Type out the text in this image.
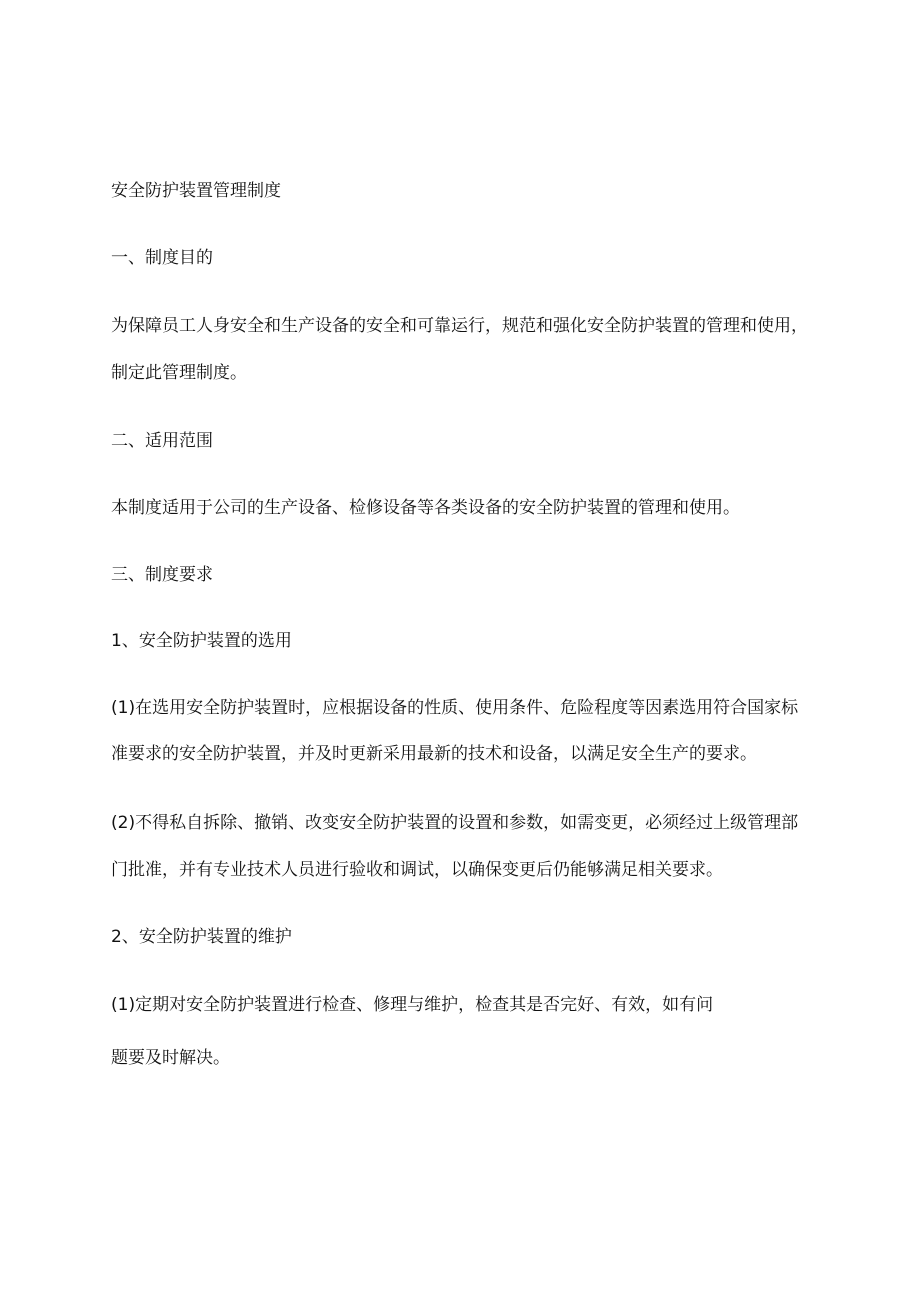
安全防护装置管理制度
一、制度目的
为保障员工人身安全和生产设备的安全和可靠运行，规范和强化安全防护装置的管理和使用，
制定此管理制度。
二、适用范围
本制度适用于公司的生产设备、检修设备等各类设备的安全防护装置的管理和使用。
三、制度要求
1、安全防护装置的选用
(1)在选用安全防护装置时，应根据设备的性质、使用条件、危险程度等因素选用符合国家标
准要求的安全防护装置，并及时更新采用最新的技术和设备，以满足安全生产的要求。
(2)不得私自拆除、撤销、改变安全防护装置的设置和参数，如需变更，必须经过上级管理部
门批准，并有专业技术人员进行验收和调试，以确保变更后仍能够满足相关要求。
2、安全防护装置的维护
(1)定期对安全防护装置进行检查、修理与维护，检查其是否完好、有效，如有问
题要及时解决。
